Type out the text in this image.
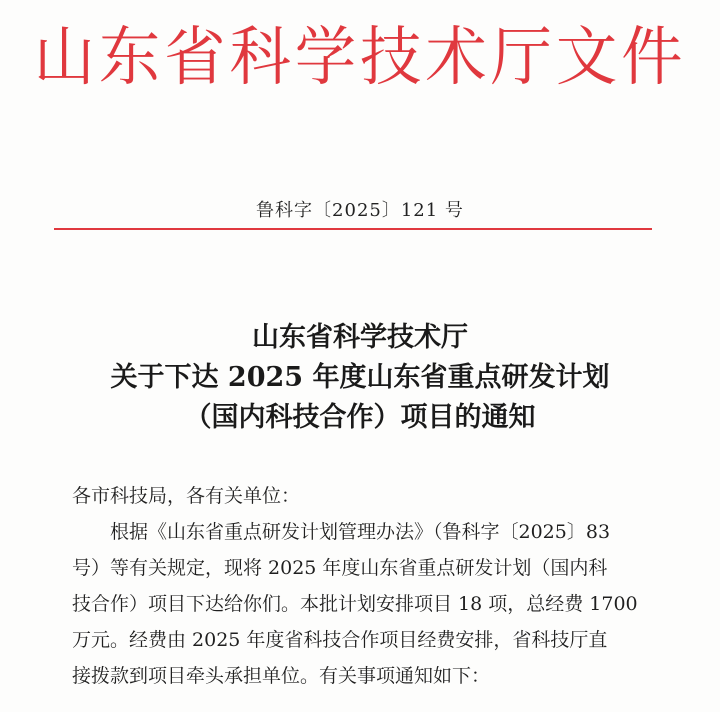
山东省科学技术厅文件
鲁科字〔2025〕121 号
山东省科学技术厅
关于下达 2025 年度山东省重点研发计划
（国内科技合作）项目的通知
各市科技局，各有关单位：
根据《山东省重点研发计划管理办法》（鲁科字〔2025〕83
号）等有关规定，现将 2025 年度山东省重点研发计划（国内科
技合作）项目下达给你们。本批计划安排项目 18 项，总经费 1700
万元。经费由 2025 年度省科技合作项目经费安排，省科技厅直
接拨款到项目牵头承担单位。有关事项通知如下：
